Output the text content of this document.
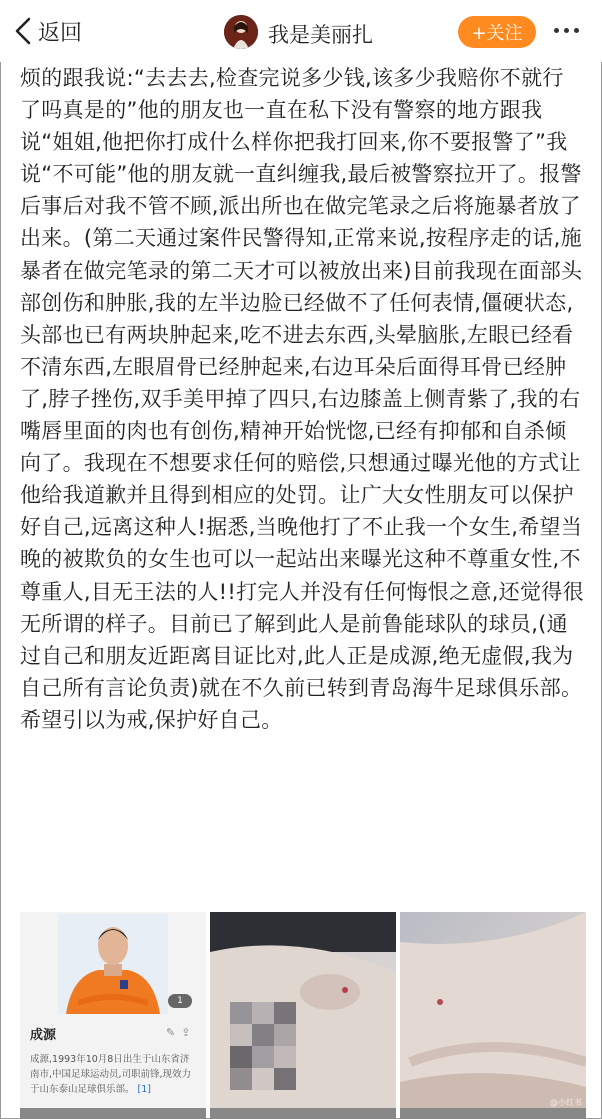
返回	我是美丽扎	+关注

烦的跟我说:“去去去,检查完说多少钱,该多少我赔你不就行了吗真是的”他的朋友也一直在私下没有警察的地方跟我说“姐姐,他把你打成什么样你把我打回来,你不要报警了”我说“不可能”他的朋友就一直纠缠我,最后被警察拉开了。报警后事后对我不管不顾,派出所也在做完笔录之后将施暴者放了出来。(第二天通过案件民警得知,正常来说,按程序走的话,施暴者在做完笔录的第二天才可以被放出来)目前我现在面部头部创伤和肿胀,我的左半边脸已经做不了任何表情,僵硬状态,头部也已有两块肿起来,吃不进去东西,头晕脑胀,左眼已经看不清东西,左眼眉骨已经肿起来,右边耳朵后面得耳骨已经肿了,脖子挫伤,双手美甲掉了四只,右边膝盖上侧青紫了,我的右嘴唇里面的肉也有创伤,精神开始恍惚,已经有抑郁和自杀倾向了。我现在不想要求任何的赔偿,只想通过曝光他的方式让他给我道歉并且得到相应的处罚。让广大女性朋友可以保护好自己,远离这种人!据悉,当晚他打了不止我一个女生,希望当晚的被欺负的女生也可以一起站出来曝光这种不尊重女性,不尊重人,目无王法的人!!打完人并没有任何悔恨之意,还觉得很无所谓的样子。目前已了解到此人是前鲁能球队的球员,(通过自己和朋友近距离目证比对,此人正是成源,绝无虚假,我为自己所有言论负责)就在不久前已转到青岛海牛足球俱乐部。希望引以为戒,保护好自己。

1
成源	✎⇪
成源,1993年10月8日出生于山东省济南市,中国足球运动员,司职前锋,现效力于山东泰山足球俱乐部。 [1]
@小红书
